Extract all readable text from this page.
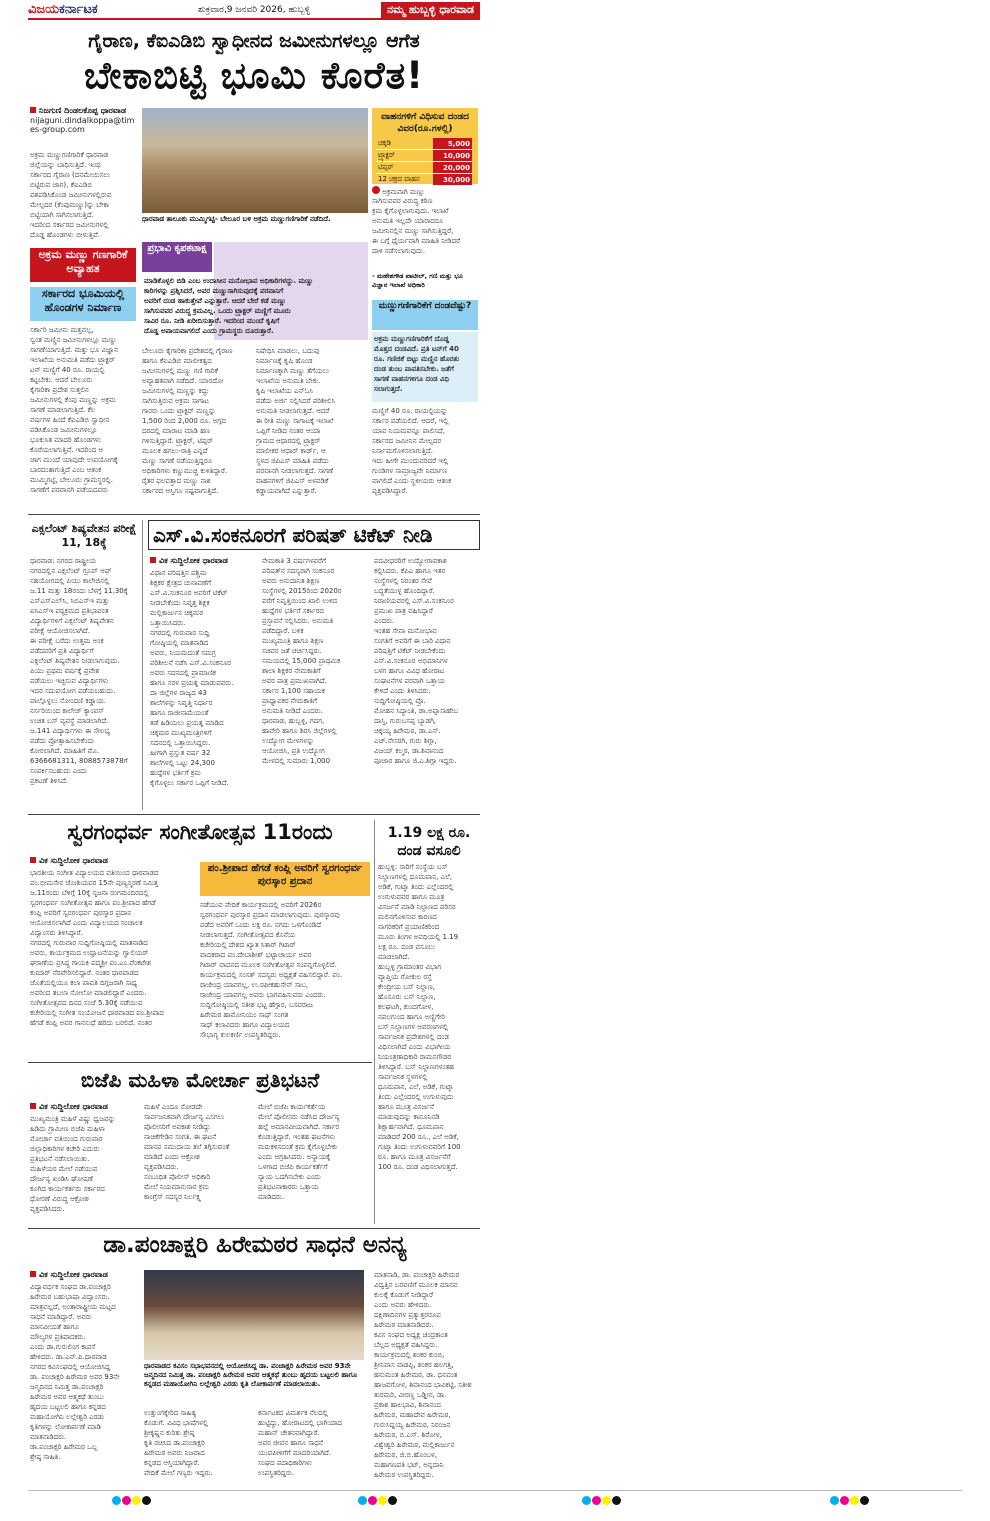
ವಿಜಯಕರ್ನಾಟಕ	ಶುಕ್ರವಾರ,9 ಜನವರಿ 2026, ಹುಬ್ಬಳ್ಳಿ	ನಮ್ಮ ಹುಬ್ಬಳ್ಳಿ ಧಾರವಾಡ
ಗೈರಾಣ, ಕೆಐಎಡಿಬಿ ಸ್ವಾಧೀನದ ಜಮೀನುಗಳಲ್ಲೂ ಆಗೆತ
ಬೇಕಾಬಿಟ್ಟಿ ಭೂಮಿ ಕೊರೆತ!
ನಿಜಗುಣಿ ದಿಂಡಲಕೊಪ್ಪ ಧಾರವಾಡ
nijaguni.dindalkoppa@times-group.com
ಅಕ್ರಮ ಮಣ್ಣುಗಣಿಗಾರಿಕೆ ಧಾರವಾಡ
ಜಿಲ್ಲೆಯನ್ನು ಬಾಧಿಸುತ್ತಿದೆ. ಇಂಥ
ಸರ್ಕಾರದ ಗೈರಾಣ (ದನಮೇಯಿಸಲು
ಬಿಟ್ಟಿರುವ ಜಾಗ), ಕೆಐಎಡಿಬಿ
ವಶಪಡಿಸಿಕೊಂಡ ಜಮೀನುಗಳಲ್ಲಿರುವ
ಮೇಲ್ಪದರ (ಕೆಂಪುಮಣ್ಣು)ನ್ನು ಬೇಕಾ
ಬಿಟ್ಟಿಯಾಗಿ ಸಾಗಿಸಲಾಗುತ್ತಿದೆ.
ಇದರಿಂದ ಸರ್ಕಾರದ ಜಮೀನುಗಳಲ್ಲಿ
ದೊಡ್ಡ ಹೊಂಡಗಳು ಬೀಳುತ್ತಿವೆ.
ಅಕ್ರಮ ಮಣ್ಣು ಗಣಗಾರಿಕೆ ಅವ್ಯಾಹತ
ಸರ್ಕಾರದ ಭೂಮಿಯಲ್ಲಿ ಹೊಂಡಗಳ ನಿರ್ಮಾಣ
ಸರ್ಕಾರಿ ಜಮೀನು ಮತ್ತವಲ್ಲ,
ಸ್ವಂತ ಮಣ್ಣಿನ ಜಮೀನುಗಳಲ್ಲೂ ಮಣ್ಣು
ಸಾಗಣೆಯಾಗುತ್ತಿದೆ. ಮತ್ತು ಭೂ ವಿಜ್ಞಾನ
ಇಲಾಖೆಯ ಅನುಮತಿ ಪಡೆದು ಟ್ರ್ಯಾಕ್ಟರ್
ಟನ್ ಮಣ್ಣಿಗೆ 40 ರೂ. ರಾಯಲ್ಟಿ
ಕಟ್ಟಬೇಕು. ಆದರೆ ಬೇಲೂರು
ಕೈಗಾರಿಕಾ ಪ್ರದೇಶ ಸುತ್ತಲಿನ
ಜಮೀನುಗಳಲ್ಲಿ ಕೆಂಪು ಮಣ್ಣನ್ನು ಅಕ್ರಮ
ಸಾಗಣೆ ಮಾಡಲಾಗುತ್ತಿದೆ. ಕೆಲ
ವರ್ಷಗಳ ಹಿಂದೆ ಕೆಐಎಡಿಬಿ ಸ್ವಾಧೀನ
ಪಡಿಸಿಕೊಂಡ ಜಮೀನುಗಳಲ್ಲೂ
ಭೂಕುಸಿತ ಮಾದರಿ ಹೊಂಡಗಳು
ಕೊರೆಯಲಾಗುತ್ತಿವೆ. ಇದರಿಂದ ಆ
ಜಾಗ ಮುಂದೆ ಯಾವುದೇ ಉಪಯೋಗಕ್ಕೆ
ಬಾರದಂತಾಗುತ್ತಿದೆ ಎಂಬ ಆತಂಕ
ಮುಮ್ಮಿಗಟ್ಟಿ, ಬೇಲೂರು ಗ್ರಾಮಸ್ಥರಲ್ಲಿ.
ಸಾಗಣೆಗೆ ಪರವಾನಗಿ ಪಡೆಯದವರು
ಧಾರವಾಡ ತಾಲೂಕು ಮುಮ್ಮಿಗಟ್ಟಿ- ಬೇಲೂರ ಬಳಿ ಅಕ್ರಮ ಮಣ್ಣುಗಣಿಗಾರಿಕೆ ನಡೆದಿದೆ.
ವಾಹನಗಳಿಗೆ ವಿಧಿಸುವ ದಂಡದ ವಿವರ(ರೂ.ಗಳಲ್ಲಿ)
ಚಕ್ಕಡಿ	5,000
ಟ್ರ್ಯಾಕ್ಟರ್	10,000
ಟಿಪ್ಪರ್	20,000
12 ಚಕ್ರದ ವಾಹನ	30,000
ಅಕ್ರಮವಾಗಿ ಮಣ್ಣು
ಸಾಗಿಸುವವರ ವಿರುದ್ಧ ಕಠಿಣ
ಕ್ರಮ ಕೈಗೊಳ್ಳಲಾಗುವುದು. ಇಲಾಖೆ
ಅನುಮತಿ ಇಲ್ಲದೇ ಯಾರಾದರೂ
ಜಮೀನಿನಲ್ಲಿನ ಮಣ್ಣು ಸಾಗಿಸುತ್ತಿದ್ದರೆ,
ಈ ಬಗ್ಗೆ ಧೈರ್ಯವಾಗಿ ಮಾಹಿತಿ ನೀಡಿದರೆ
ದಾಳಿ ನಡೆಸಲಾಗುವುದು.
- ಮಹೇಶಗೌಡ ಪಾಟೀಲ್, ಗಣಿ ಮತ್ತು ಭೂ ವಿಜ್ಞಾನ ಇಲಾಖೆ ಅಧಿಕಾರಿ
ಮಣ್ಣುಗಣಿಗಾರಿಕೆಗೆ ದಂಡವೆಷ್ಟು?
ಅಕ್ರಮ ಮಣ್ಣುಗಣಿಗಾರಿಕೆಗೆ ದೊಡ್ಡ
ಮೊತ್ತದ ದಂಡವಿದೆ. ಪ್ರತಿ ಟನ್‌ಗೆ 40
ರೂ. ಗಣಿಜಿಕೆ ಬಿಟ್ಟು ಮಣ್ಣಿನ ಹೊರತು
ದಂಡ ತುಂಬ ಪಾವತಿಸಬೇಕು. ಜತೆಗೆ
ಸಾಗಣೆ ವಾಹನಗಳಿಗೂ ದಂಡ ವಿಧಿ
ಸಲಾಗುತ್ತದೆ.
ಪ್ರಭಾವಿ ಕೃಪಕಟಾಕ್ಷ
ಮಾಡಿಕೊಳ್ಳಲಿ ಬಿಡಿ ಎಂಬ ಉದಾಸೀನ ಮನೋಭಾವ ಅಧಿಕಾರಿಗಳದ್ದು. ಮಣ್ಣು
ಕಾರಿಗಳನ್ನು ಪ್ರಶ್ನಿಸಿದರೆ, ಅವರ ಮಣ್ಣುಸಾಗಿಸುವುದಕ್ಕೆ ಪರವಾನಿಗೆ
ಅವರಿಗೆ ದಂಡ ಹಾಕುತ್ತೇವೆ ಎನ್ನುತ್ತಾರೆ. ಆದರೆ ಬೇರೆ ಕಡೆ ಮಣ್ಣು
ಸಾಗಿಸುವವರ ವಿರುದ್ಧ ಕ್ರಮವಿಲ್ಲ. ಒಂದು ಟ್ರ್ಯಾಕ್ಟರ್ ಮಣ್ಣಿಗೆ ಮೂರು
ಸಾವಿರ ರೂ. ನೀಡಿ ಖರೀದಿಸುತ್ತಾರೆ. ಇದರಿಂದ ಮುಂದೆ ಕೃಷಿಗೆ
ದೊಡ್ಡ ಅಪಾಯವಾಗಲಿದೆ ಎಂದು ಗ್ರಾಮಸ್ಥರು ದೂರುತ್ತಾರೆ.
ಬೇಲೂರು ಕೈಗಾರಿಕಾ ಪ್ರದೇಶದಲ್ಲಿ ಗೈರಾಣ
ಹಾಗೂ ಕೆಐಎಡಿಬಿ ಮಾಲೀಕತ್ವದ
ಜಮೀನುಗಳಲ್ಲಿ ಮಣ್ಣು ಗಣಿ ಗಾರಿಕೆ
ಅವ್ಯಾಹತವಾಗಿ ನಡೆದಿದೆ. ಯಾರದೋ
ಜಮೀನುಗಳಲ್ಲಿ ಮಣ್ಣನ್ನು ಕದ್ದು
ಸಾಗಿಸುತ್ತಿರುವ ಅಕ್ರಮ ಸಾಗಾಟ
ಗಾರರು ಒಂದು ಟ್ರ್ಯಾಕ್ಟರ್ ಮಣ್ಣನ್ನು
1,500 ರಿಂದ 2,000 ರೂ. ಅಗ್ಗದ
ದರದಲ್ಲಿ ಮಾರಾಟ ಮಾಡಿ ಹಣ
ಗಳಿಸುತ್ತಿದ್ದಾರೆ. ಟ್ರ್ಯಾಕ್ಟರ್, ಟಿಪ್ಪರ್
ಮೂಲಕ ಹಗಲು-ರಾತ್ರಿ ಎನ್ನದೆ
ಮಣ್ಣು ಸಾಗಣೆ ನಡೆಯುತ್ತಿದ್ದರೂ
ಅಧಿಕಾರಿಗಳು ಕಣ್ಣುಮುಚ್ಚಿ ಕುಳಿತಿದ್ದಾರೆ.
ರೈತರ ಫಲವತ್ತಾದ ಮಣ್ಣು ನಾಶ
ಸರ್ಕಾರದ ಆಸ್ತಿಗೂ ನಷ್ಟವಾಗುತ್ತಿದೆ.
ನಿಷೇಧಿಸಿ ಮಾಡಲು, ಬದುವು
ನಿರ್ಮಾಣಕ್ಕೆ ಕೃಷಿ ಹೊಂಡ
ನಿರ್ಮಾಣಕ್ಕಾಗಿ ಮಣ್ಣು ತೆಗೆಯಲು
ಇಲಾಖೆಯ ಅನುಮತಿ ಬೇಕು.
ಕೃಷಿ ಇಲಾಖೆಯ ಎನ್‌ಓಸಿ
ಪಡೆದು ಅರ್ಜಿ ಸಲ್ಲಿಸಿದರೆ ಪರಿಶೀಲಿಸಿ
ಅನುಮತಿ ನೀಡಲಾಗುತ್ತದೆ. ಆದರೆ
ಈ ರೀತಿ ಮಣ್ಣು ಸಾಗಾಟಕ್ಕೆ ಇಲಾಖೆ
ಒಪ್ಪಿಗೆ ನೀಡಿದ ನಂತರ ಆಯಾ
ಗ್ರಾಮದ ಆಧಾರದಲ್ಲಿ ಟ್ರ್ಯಾಕ್ಟರ್
ಮಾಲೀಕರ ಆಧಾರ್ ಕಾರ್ಡ್, ಆ
ಸ್ಥಳದ ಜಿಪಿಎಸ್ ಮಾಹಿತಿ ಪಡೆದು
ಪರವಾನಗಿ ನೀಡಲಾಗುತ್ತದೆ. ಸಾಗಣೆ
ವಾಹನಗಳಿಗೆ ಜಿಪಿಎಸ್ ಅಳವಡಿಕೆ
ಕಡ್ಡಾಯವಾಗಿದೆ ಎನ್ನುತ್ತಾರೆ.
ಮಣ್ಣಿಗೆ 40 ರೂ. ರಾಯಲ್ಟಿಯನ್ನು
ಸರ್ಕಾರ ಪಡೆಯಲಿದೆ. ಆದರೆ, ಇಲ್ಲಿ
ಯಾವ ನಿಯಮವನ್ನೂ ಪಾಲಿಸದೆ,
ಸರ್ಕಾರದ ಜಮೀನಿನ ಮೇಲ್ಪದರ
ನಿರ್ನಾಮಗೊಳಿಸಲಾಗುತ್ತಿದೆ.
ಇದು ಹೀಗೇ ಮುಂದುವರಿದರೆ ಇಲ್ಲಿ
ಗುಂಡಿಗಳ ಸಾಮ್ರಾಜ್ಯವೇ ನಿರ್ಮಾಣ
ವಾಗಲಿದೆ ಎಂದು ಸ್ಥಳೀಯರು ಆತಂಕ
ವ್ಯಕ್ತಪಡಿಸಿದ್ದಾರೆ.
ಎಕ್ಸಲೆಂಟ್ ಶಿಷ್ಯವೇತನ ಪರೀಕ್ಷೆ 11, 18ಕ್ಕೆ
ಧಾರವಾಡ: ನಗರದ ರಾಷ್ಟ್ರೀಯ
ನಗರದಲ್ಲಿನ ಎಕ್ಸಲೆಂಟ್ ಗ್ರೂಪ್ ಆಫ್
ಸಹಯೋಗದಲ್ಲಿ ಪಿಯು ಕಾಲೇಜಿನಲ್ಲಿ
ಜ.11 ಮತ್ತು 18ರಂದು ಬೆಳಗ್ಗೆ 11.30ಕ್ಕೆ
ಎಸ್‌ಎಸ್‌ಎಲ್‌ಸಿ, ಸಿಬಿಎಸ್‌ಇ ಮತ್ತು
ಐಸಿಎಸ್‌ಇ ಪಠ್ಯಕ್ರಮದ ಪ್ರತಿಭಾವಂತ
ವಿದ್ಯಾರ್ಥಿಗಳಿಗೆ ಎಕ್ಸಲೆಂಟ್ ಶಿಷ್ಯವೇತನ
ಪರೀಕ್ಷೆ ಆಯೋಜಿಸಲಾಗಿದೆ.
ಈ ಪರೀಕ್ಷೆ ಬರೆದು ಉತ್ತಮ ಅಂಕ
ಪಡೆದವರಿಗೆ ಪ್ರತಿ ವಿದ್ಯಾರ್ಥಿಗೆ
ಎಕ್ಸಲೆಂಟ್ ಶಿಷ್ಯವೇತನ ನೀಡಲಾಗುವುದು.
ಪಿಯು ಪ್ರಥಮ ವರ್ಷಕ್ಕೆ ಪ್ರವೇಶ
ಪಡೆಯಲು ಇಚ್ಛಿಸುವ ವಿದ್ಯಾರ್ಥಿಗಳು
ಇದರ ಸದುಪಯೋಗ ಪಡೆಯಬಹುದು.
ಪಾಲ್ಗೊಳ್ಳಲು ನೋಂದಣಿ ಕಡ್ಡಾಯ.
ನರ್ಸರಿಯಿಂದ ಕಾಲೇಜ್ ಕ್ಯಾಂಪಸ್
ಉಚಿತ ಬಸ್ ವ್ಯವಸ್ಥೆ ಮಾಡಲಾಗಿದೆ.
ಜ.141 ವಿದ್ಯಾರ್ಥಿಗಳು ಈ ಸೌಲಭ್ಯ
ಪಡೆದು ಪ್ರೋತ್ಸಾಹಿಸಬೇಕೆಂದು
ಕೋರಲಾಗಿದೆ. ಮಾಹಿತಿಗೆ ಮೊ.
6366681311, 8088573878ಗೆ
ಸಂಪರ್ಕಿಸಬಹುದು ಎಂದು
ಪ್ರಕಟಣೆ ತಿಳಿಸಿದೆ.
ಎಸ್.ವಿ.ಸಂಕನೂರಗೆ ಪರಿಷತ್ ಟಿಕೆಟ್ ನೀಡಿ
ವಿಕ ಸುದ್ದಿಲೋಕ ಧಾರವಾಡ
ವಿಧಾನ ಪರಿಷತ್ತಿನ ಪಶ್ಚಿಮ
ಶಿಕ್ಷಕರ ಕ್ಷೇತ್ರದ ಚುನಾವಣೆಗೆ
ಎಸ್.ವಿ.ಸಂಕನೂರ ಅವರಿಗೆ ಟಿಕೆಟ್
ನೀಡಬೇಕೆಂದು ನಿವೃತ್ತ ಶಿಕ್ಷಕ
ಮಲ್ಲಿಕಾರ್ಜುನ ಚಿಕ್ಕಮಠ
ಒತ್ತಾಯಿಸಿದರು.
ನಗರದಲ್ಲಿ ಗುರುವಾರ ಸುದ್ದಿ
ಗೋಷ್ಠಿಯಲ್ಲಿ ಮಾತನಾಡಿದ
ಅವರು, ನಿಯಮದಂತೆ ಸಮಗ್ರ
ಪರಿಶೀಲನೆ ನಡೆಸಿ ಎಸ್.ವಿ.ಸಂಕನೂರ
ಅವರು ಸದನದಲ್ಲಿ ಪ್ರಾಮಾಣಿಕ
ಹಾಗೂ ಸರಳ ಪ್ರಯತ್ನ ಮಾಡುವವರು.
ದಾ ಜಿಲ್ಲೆಗಳ ರಾಜ್ಯದ 43
ಶಾಲೆಗಳನ್ನು ನಿವೃತ್ತಿ ನಿರ್ಧಾರ
ಹಾಗೂ ರಾಜೀನಾಮೆಯಂತೆ
ತಡೆ ಹಿಡಿಯಲು ಪ್ರಯತ್ನ ಮಾಡಿದ
ಚಿಕ್ಕಮಠ ಮುಖ್ಯಮಂತ್ರಿಗಳಿಗೆ
ಸದನದಲ್ಲಿ ಒತ್ತಾಯಿಸಿದ್ದರು.
ಹೀಗಾಗಿ ಪ್ರಸ್ತುತ ವರ್ಷ 32
ಶಾಲೆಗಳಲ್ಲಿ ಒಟ್ಟು 24,300
ಹುದ್ದೆಗಳ ಭರ್ತಿಗೆ ಕ್ರಮ
ಕೈಗೊಳ್ಳಲು ಸರ್ಕಾರ ಒಪ್ಪಿಗೆ ನೀಡಿದೆ.
ನೇಮಕಾತಿ 3 ವರ್ಷಗಳವರೆಗೆ
ಪರಿಷತ್‌ನ ಸದಸ್ಯರಾಗಿ ಸಂಕನೂರ
ಅವರು ಅನುದಾನಿತ ಶಿಕ್ಷಣ
ಸಂಸ್ಥೆಗಳಲ್ಲಿ 2015ರಿಂದ 2020ರ
ವರೆಗೆ ನಿವೃತ್ತಿಯಿಂದ ಖಾಲಿ ಉಳಿದ
ಹುದ್ದೆಗಳ ಭರ್ತಿಗೆ ಸರ್ಕಾರದ
ಪ್ರಸ್ತಾವನೆ ಸಲ್ಲಿಸಿದರು. ಅನುಮತಿ
ಪಡೆದಿದ್ದಾರೆ. ಬಳಿಕ
ಮುಖ್ಯಮಂತ್ರಿ ಹಾಗೂ ಶಿಕ್ಷಣ
ಸಚಿವರ ಜತೆ ಚರ್ಚಿಸಿದ್ದರು.
ಸಮಯದಲ್ಲಿ 15,000 ಪ್ರಾಥಮಿಕ
ಶಾಲಾ ಶಿಕ್ಷಕರ ನೇಮಕಾತಿಗೆ
ಅವರ ಪಾತ್ರ ಪ್ರಮುಖವಾಗಿದೆ.
ಸರ್ಕಾರ 1,100 ಸಹಾಯಕ
ಪ್ರಾಧ್ಯಾಪಕರ ನೇಮಕಾತಿಗೆ
ಅನುಮತಿ ನೀಡಿದೆ ಎಂದರು.
ಧಾರವಾಡ, ಹುಬ್ಬಳ್ಳಿ, ಗದಗ,
ಹಾವೇರಿ ಹಾಗೂ ಶಿರಸಿ ಜಿಲ್ಲೆಗಳಲ್ಲಿ
ಉದ್ಯೋಗ ಮೇಳಗಳನ್ನು
ಆಯೋಜಿಸಿ, ಪ್ರತಿ ಉದ್ಯೋಗ
ಮೇಳದಲ್ಲಿ ಸುಮಾರು 1,000
ಪದವೀಧರರಿಗೆ ಉದ್ಯೋಗಾವಕಾಶ
ಕಲ್ಪಿಸಿದರು. ಕೆಪಿಎ ಹಾಗೂ ಇತರ
ಸಂಸ್ಥೆಗಳಲ್ಲಿ ನಿರಂತರ ಸೇವೆ
ಬದ್ಧತೆಯುಳ್ಳ ಹೊಂದಿದ್ದಾರೆ.
ನಿರಾಣಿಯವರಲ್ಲಿ ಎಸ್.ವಿ.ಸಂಕನೂರ
ಪ್ರಮುಖ ಪಾತ್ರ ವಹಿಸಿದ್ದಾರೆ
ಎಂದರು.
ಇಂತಹ ಸೇವಾ ಮನೋಭಾವ
ಸಂಗತಿಗೆ ಅವರಿಗೆ ಈ ಬಾರಿ ವಿಧಾನ
ಪರಿಷತ್ತಿಗೆ ಟಿಕೆಟ್ ನೀಡಬೇಕೆಂದು
ಎಸ್.ವಿ.ಸಂಕನೂರ ಅಭಿಮಾನಿಗಳ
ಬಳಗ ಹಾಗೂ ವಿವಿಧ ಹೋರಾಟ
ಸಂಘಟನೆಗಳ ಪರವಾಗಿ ಒತ್ತಾಯ
ಕೇಳಿದೆ ಎಂದು ತಿಳಿಸಿದರು.
ಸುದ್ದಿಗೋಷ್ಠಿಯಲ್ಲಿ ಪ್ರೊ.
ಮೋಹನ ಸಿದ್ಧಾಂತಿ, ಡಾ.ಅಪ್ಪಾಸಾಹೇಬ
ದಾಸ್ತಿ, ಗುರುಬಸಪ್ಪ ಬ್ಯಾಡಗಿ,
ಚಿಕ್ಕಯ್ಯ ಹಿರೇಮಠ, ಡಾ.ಎಸ್.
ಎಚ್.ನೇಸರಗಿ, ಗುರು ಶಿಗ್ಗಾ,
ವಿಜಯ್ ಕಲ್ಮಠ, ಡಾ.ಶಿವಾನಂದ
ಪೂಜಾರ ಹಾಗೂ ಜಿ.ಎ.ಶಿಗ್ಗಾ ಇದ್ದರು.
ಸ್ವರಗಂಧರ್ವ ಸಂಗೀತೋತ್ಸವ 11ರಂದು
ವಿಕ ಸುದ್ದಿಲೋಕ ಧಾರವಾಡ
ಭಾರತೀಯ ಸಂಗೀತ ವಿದ್ಯಾಲಯದ ವತಿಯಿಂದ ಧಾರವಾಡದ
ಪಂ.ಭೀಮಸೇನ ಜೋಶಿಯವರ 15ನೇ ಪುಣ್ಯಸ್ಮರಣೆ ನಿಮಿತ್ತ
ಜ.11ರಂದು ಬೆಳಿಗ್ಗೆ 10ಕ್ಕೆ ಸೃಜನಾ ರಂಗಮಂದಿರದಲ್ಲಿ
ಸ್ವರಗಂಧರ್ವ ಸಂಗೀತೋತ್ಸವ ಹಾಗೂ ಪಂ.ಶ್ರೀಪಾದ ಹೆಗಡೆ
ಕಂಪ್ಲಿ ಅವರಿಗೆ ಸ್ವರಗಂಧರ್ವ ಪುರಸ್ಕಾರ ಪ್ರದಾನ
ಆಯೋಜಿಸಲಾಗಿದೆ ಎಂದು ವಿದ್ಯಾಲಯದ ಸಂಚಾಲಕ
ವಿದ್ವಾಂಸರು ತಿಳಿಸಿದ್ದಾರೆ.
ನಗರದಲ್ಲಿ ಗುರುವಾರ ಸುದ್ದಿಗೋಷ್ಠಿಯಲ್ಲಿ ಮಾತನಾಡಿದ
ಅವರು, ಕಾರ್ಯಕ್ರಮದ ಉದ್ಘಾಟನೆಯನ್ನು ಗ್ವಾಲಿಯರ್
ಘರಾಣೆಯ ಪ್ರಸಿದ್ಧ ಗಾಯಕಿ ಪದ್ಮಶ್ರೀ ಪಂ.ಎಂ.ವೆಂಕಟೇಶ
ಕುಮಾರ್ ನೆರವೇರಿಸಲಿದ್ದಾರೆ. ನಂತರ ಧಾರವಾಡದ
ಜೊತೆಯಲ್ಲಿಯೂ ಕಲಾ ಪಾವತಿ ದಿಗ್ಗಜರಾಗಿ ಸಾಧ್ಯ
ಅವರಿಂದ ತಬಲಾ ಸೋಲೋ ಮಾಡಲಿದ್ದಾರೆ ಎಂದರು.
ಸಂಗೀತೋತ್ಸವದ ದಿನದ ಸಂಜೆ 5.30ಕ್ಕೆ ನಡೆಯುವ
ಕಚೇರಿಯಲ್ಲಿ ಸಂಗೀತ ಸಂಯೋಜನೆ ಧಾರವಾಡದ ಪಂ.ಶ್ರೀಪಾದ
ಹೆಗಡೆ ಕಂಪ್ಲಿ ಅವರ ಗಾನಸುಧೆ ಹರಿದು ಬರಲಿದೆ. ನಂತರ
ಪಂ.ಶ್ರೀಪಾದ ಹೆಗಡೆ ಕಂಪ್ಲಿ ಅವರಿಗೆ ಸ್ವರಗಂಧರ್ವ ಪುರಸ್ಕಾರ ಪ್ರದಾನ
ನಡೆಯುವ ವೇದಿಕೆ ಕಾರ್ಯಕ್ರಮದಲ್ಲಿ ಅವರಿಗೆ 2026ರ
ಸ್ವರಗಂಧರ್ವ ಪುರಸ್ಕಾರ ಪ್ರದಾನ ಮಾಡಲಾಗುವುದು. ಪುರಸ್ಕಾರವು
ಪಡೆದ ಅವರಿಗೆ ಒಂದು ಲಕ್ಷ ರೂ. ನಗದು ಒಳಗೊಂಡಿದೆ
ನೀಡಲಾಗುತ್ತದೆ. ಸಂಗೀತೋತ್ಸವದ ಕೊನೆಯ
ಕಚೇರಿಯಲ್ಲಿ ದೇಶದ ಖ್ಯಾತ ಸಿತಾರ್ ಗಿಟಾರ್
ವಾದಕರಾದ ಪಂ.ದೇಬಾಶೀಶ್ ಭಟ್ಟಾಚಾರ್ಯ ಅವರ
ಗಿಟಾರ್ ವಾದನದ ಮೂಲಕ ಸಂಗೀತೋತ್ಸವ ಸಂಪನ್ನಗೊಳ್ಳಲಿದೆ.
ಕಾರ್ಯಕ್ರಮದಲ್ಲಿ ಸಂಸತ್ ಸದಸ್ಯರು ಅಧ್ಯಕ್ಷತೆ ವಹಿಸಲಿದ್ದಾರೆ. ಪಂ.
ರಾಜೇಂದ್ರ ಯಾವಗಲ್ಲ, ಉ.ರಫೀಕಹುಸೇನ್ ಸಾಬ,
ರಾಜೇಂದ್ರ ಯಾವಗಲ್ಲ ಅವರು ಭಾಗವಹಿಸುವರು ಎಂದರು.
ಸುದ್ದಿಗೋಷ್ಠಿಯಲ್ಲಿ ಸತೀಶ ಭಟ್ಟ ಹೆಗ್ಗಾರ, ಬಸವರಾಜ
ಹಿರೇಮಠ ಹಾಮೋನಿಯಂ ಸಾಥ್ ಸಂಗತ
ಸಾಥ್ ಕಲಾವಿದರು ಹಾಗೂ ವಿದ್ಯಾಲಯದ
ಸೌಭಾಗ್ಯ ಕುಲಕರ್ಣಿ ಉಪಸ್ಥಿತರಿದ್ದರು.
1.19 ಲಕ್ಷ ರೂ. ದಂಡ ವಸೂಲಿ
ಹುಬ್ಬಳ್ಳಿ: ಸಾರಿಗೆ ಸಂಸ್ಥೆಯ ಬಸ್
ನಿಲ್ದಾಣಗಳಲ್ಲಿ ಧೂಮಪಾನ, ಎಲೆ,
ಅಡಿಕೆ, ಗುಟ್ಕಾ ತಿಂದು ಎಲ್ಲೆಂದರಲ್ಲಿ
ಉಗುಳುವವರ ಹಾಗೂ ಮೂತ್ರ
ವಿಸರ್ಜನೆ ಮಾಡಿ ನಿಲ್ದಾಣದ ಪರಿಸರ
ಮಲಿನಗೊಳಿಸುವ ಕಾರಣದ
ನಾಗರಿಕರಿಗೆ ಪ್ರಯಾಣಿಕರಿಂದ
ಮೂರು ತಿಂಗಳ ಅವಧಿಯಲ್ಲಿ 1.19
ಲಕ್ಷ ರೂ. ದಂಡ ವಸೂಲು
ಮಾಡಲಾಗಿದೆ.
ಹುಬ್ಬಳ್ಳಿ ಗ್ರಾಮಾಂತರ ವಿಭಾಗ
ವ್ಯಾಪ್ತಿಯ ಗೋಕುಲ ರಸ್ತೆ
ಕೇಂದ್ರೀಯ ಬಸ್ ನಿಲ್ದಾಣ,
ಹೊಸೂರು ಬಸ್ ನಿಲ್ದಾಣ,
ಕಲಘಟಗಿ, ಕುಂದಗೋಳ,
ನವಲಗುಂದ ಹಾಗೂ ಅಣ್ಣಿಗೇರಿ
ಬಸ್ ನಿಲ್ದಾಣಗಳ ಆವರಣಗಳಲ್ಲಿ
ಸಾರ್ವಜನಿಕ ಪ್ರದೇಶಗಳಲ್ಲಿ ದಂಡ
ವಿಧಿಸಲಾಗಿದೆ ಎಂದು ವಿಭಾಗೀಯ
ನಿಯಂತ್ರಣಾಧಿಕಾರಿ ರಾಮನಗೌಡರ
ತಿಳಿಸಿದ್ದಾರೆ. ಬಸ್ ನಿಲ್ದಾಣಗಳಂತಹ
ಸಾರ್ವಜನಿಕ ಸ್ಥಳಗಳಲ್ಲಿ
ಧೂಮಪಾನ, ಎಲೆ, ಅಡಿಕೆ, ಗುಟ್ಕಾ
ತಿಂದು ಎಲ್ಲೆಂದರಲ್ಲಿ ಉಗುಳುವುದು
ಹಾಗೂ ಮೂತ್ರ ವಿಸರ್ಜನೆ
ಮಾಡುವುದನ್ನು ಕಾನೂನಿನಡಿ
ಶಿಕ್ಷಾರ್ಹವಾಗಿದೆ. ಧೂಮಪಾನ
ಮಾಡಿದರೆ 200 ರೂ., ಎಲೆ ಅಡಿಕೆ,
ಗುಟ್ಕಾ ತಿಂದು ಉಗುಳುವವರಿಗೆ 100
ರೂ. ಹಾಗೂ ಮೂತ್ರ ವಿಸರ್ಜನೆಗೆ
100 ರೂ. ದಂಡ ವಿಧಿಸಲಾಗುತ್ತದೆ.
ಬಿಜೆಪಿ ಮಹಿಳಾ ಮೋರ್ಚಾ ಪ್ರತಿಭಟನೆ
ವಿಕ ಸುದ್ದಿಲೋಕ ಧಾರವಾಡ
ಮುಖ್ಯಮಂತ್ರಿ ಮಹಿಳೆ ವಿಷ್ಣು ಧ್ವಜವನ್ನು
ಹಿಡಿದು ಗ್ರಾಮೀಣ ಬಿಜೆಪಿ ಮಹಿಳಾ
ಮೋರ್ಚಾ ವತಿಯಿಂದ ಗುರುವಾರ
ಜಿಲ್ಲಾಧಿಕಾರಿಗಳ ಕಚೇರಿ ಎದುರು
ಪ್ರತಿಭಟನೆ ನಡೆಸಲಾಯಿತು.
ಮಹಿಳೆಯರ ಮೇಲೆ ನಡೆಯುವ
ದೌರ್ಜನ್ಯ ಖಂಡಿಸಿ ಘೋಷಣೆ
ಕೂಗಿದ ಕಾರ್ಯಕರ್ತರು ಸರ್ಕಾರದ
ಧೋರಣೆ ವಿರುದ್ಧ ಆಕ್ರೋಶ
ವ್ಯಕ್ತಪಡಿಸಿದರು.
ಮಹಿಳೆ ಎಂದೂ ನೋಡದೇ
ಸಾರ್ವಜನಿಕವಾಗಿ ದೌರ್ಜನ್ಯ ಎಸಗಲು
ಪೊಲೀಸರಿಗೆ ಅವಕಾಶ ನೀಡಿದ್ದು
ನಾಚಿಕೆಗೇಡಿನ ಸಂಗತಿ. ಈ ಘಟನೆ
ಮಾನವ ಸಮುದಾಯ ತಲೆ ತಗ್ಗಿಸುವಂತೆ
ಮಾಡಿದೆ ಎಂದು ಆಕ್ರೋಶ
ವ್ಯಕ್ತಪಡಿಸಿದರು.
ಸಂಬಂಧಿತ ಪೊಲೀಸ್ ಅಧಿಕಾರಿ
ಮೇಲೆ ನಿಯಮಾನುಸಾರ ಕ್ರಮ
ಕಾಂಗ್ರೆಸ್ ಸದಸ್ಯರ ನಿರ್ಲಕ್ಷ್ಯ
ಮೇಲೆ ಬಿಜೆಪಿ ಕಾರ್ಯಕರ್ತೆಯ
ಮೇಲೆ ಪೊಲೀಸರು ನಡೆಸಿದ ದೌರ್ಜನ್ಯ
ಹಲ್ಲೆ ಅಮಾನವೀಯವಾಗಿದೆ. ಸರ್ಕಾರ
ಕೊಡುತ್ತಿದ್ದಾರೆ. ಇಂತಹ ಘಟನೆಗಳು
ಮರುಕಳಿಸದಂತೆ ಕ್ರಮ ಕೈಗೊಳ್ಳಬೇಕು
ಎಂದು ಆಗ್ರಹಿಸಿದರು. ಅನ್ಯಾಯಕ್ಕೆ
ಒಳಗಾದ ಬಿಜೆಪಿ ಕಾರ್ಯಕರ್ತೆಗೆ
ನ್ಯಾಯ ಒದಗಿಸಬೇಕು ಎಂದು
ಪ್ರತಿಭಟನಾಕಾರರು ಒತ್ತಾಯ
ಮಾಡಿದರು.
ಡಾ.ಪಂಚಾಕ್ಷರಿ ಹಿರೇಮಠರ ಸಾಧನೆ ಅನನ್ಯ
ವಿಕ ಸುದ್ದಿಲೋಕ ಧಾರವಾಡ
ವಿದ್ಯಾವರ್ಧಕ ಸಂಘದ ಡಾ.ಪಂಚಾಕ್ಷರಿ
ಹಿರೇಮಠ ಬಹುಭಾಷಾ ವಿದ್ವಾಂಸರು.
ಮಾತ್ರವಲ್ಲದೆ, ಅಂತಾರಾಷ್ಟ್ರೀಯ ಮಟ್ಟದ
ಸಾಧನೆ ಮಾಡಿದ್ದಾರೆ. ಅವರು
ಮಾನವೀಯತೆ ಹಾಗೂ
ಮೌಲ್ಯಗಳ ಪ್ರತಿಪಾದಕರು.
ಎಂದು ಡಾ.ಗುರುಲಿಂಗ ಕಾಪಸೆ
ಹೇಳಿದರು. ಡಾ.ಎನ್.ಪಿ.ಧಾರವಾಡ
ನಗರದ ಕವಿಸಂಘದಲ್ಲಿ ಆಯೋಜಿಸಿದ್ದ
ಡಾ. ಪಂಚಾಕ್ಷರಿ ಹಿರೇಮಠ ಅವರ 93ನೇ
ಜನ್ಮದಿನದ ನಿಮಿತ್ತ ಡಾ.ಪಂಚಾಕ್ಷರಿ
ಹಿರೇಮಠ ಅವರ ಆತ್ಮಕಥೆ ತುಂಬು
ಹೃದಯ ಬಟ್ಟಲಲಿ ಹಾಗೂ ಕನ್ನಡದ
ಮಹಾಯೋಗಿನಿ ಲಲ್ಲೇಶ್ವರಿ ಎರಡು
ಕೃತಿಗಳನ್ನು ಲೋಕಾರ್ಪಣೆ ಮಾಡಿ
ಮಾತನಾಡಿದರು.
ಡಾ.ಪಂಚಾಕ್ಷರಿ ಹಿರೇಮಠ ಒಬ್ಬ
ಶ್ರೇಷ್ಠ ಸಾಹಿತಿ.
ಧಾರವಾಡದ ಕವಿಸಂ ಸಭಾಭವನದಲ್ಲಿ ಆಯೋಜಿಸಿದ್ದ ಡಾ. ಪಂಚಾಕ್ಷರಿ ಹಿರೇಮಠ ಅವರ 93ನೇ ಜನ್ಮದಿನದ ನಿಮಿತ್ತ ಡಾ. ಪಂಚಾಕ್ಷರಿ ಹಿರೇಮಠ ಅವರ ಆತ್ಮಕಥೆ ತುಂಬು ಹೃದಯ ಬಟ್ಟಲಲಿ ಹಾಗೂ ಕನ್ನಡದ ಮಹಾಯೋಗಿನಿ ಲಲ್ಲೇಶ್ವರಿ ಎರಡು ಕೃತಿ ಲೋಕಾರ್ಪಣೆ ಮಾಡಲಾಯಿತು.
ಉತ್ತುಂಗಕ್ಕೇರಿದ ಸಾಹಿತ್ಯ
ಕೊಡುಗೆ. ವಿವಿಧ ಭಾಷೆಗಳಲ್ಲಿ
ಶ್ರೀಕೃಷ್ಣನ ಕುರಿತು ಶ್ರೇಷ್ಠ
ಕೃತಿ ರಚಿಸಿದ ಡಾ.ಪಂಚಾಕ್ಷರಿ
ಹಿರೇಮಠ ಅವರು ನಿಜವಾದ
ಕನ್ನಡದ ಆಸ್ತಿಯಾಗಿದ್ದಾರೆ.
ವೇದಿಕೆ ಮೇಲೆ ಗಣ್ಯರು ಇದ್ದರು.
ಕರ್ನಾಟಕದ ವಿಮರ್ಶಕ ನೆಲದಲ್ಲಿ
ಹುಟ್ಟಿದ್ದು, ಹೋರಾಟದಲ್ಲಿ ಭಾಗಿಯಾದ
ಮಹಾನ್ ಚೇತನವಾಗಿದ್ದಾರೆ.
ಅವರ ಜೀವನ ಹಾಗೂ ಸಾಧನೆ
ಯುವಪೀಳಿಗೆಗೆ ಮಾದರಿಯಾಗಿದೆ.
ಸಂಘದ ಪದಾಧಿಕಾರಿಗಳು
ಉಪಸ್ಥಿತರಿದ್ದರು.
ಮಾತನಾಡಿ, ಡಾ. ಪಂಚಾಕ್ಷರಿ ಹಿರೇಮಠ
ವಿದ್ವತ್ತಿನ ಬರವಣಿಗೆ ಮೂಲಕ ಮಾನವ
ಕುಲಕ್ಕೆ ಕೊಡುಗೆ ನೀಡಿದ್ದಾರೆ
ಎಂದು ಅವರು ಹೇಳಿದರು.
ದಕ್ಷಿಣಾದಿನಗಳ ಪ್ರತ್ಯುತ್ತರರೂಪ
ಹಿರೇಮಠ ಮಾತನಾಡಿದರು.
ಕವಿಸ ಸಂಘದ ಅಧ್ಯಕ್ಷ ಚಂದ್ರಕಾಂತ
ಬೆಲ್ಲದ ಅಧ್ಯಕ್ಷತೆ ವಹಿಸಿದ್ದರು.
ಕಾರ್ಯಕ್ರಮದಲ್ಲಿ ಶಂಕರ ಕುಂಬಿ,
ಶ್ರೀನಿವಾಸ ವಾಡಪ್ಪಿ, ಶಂಕರ ಹಲಗತ್ತಿ,
ಹನುಮಂತ ಹಿರೇಮಠ, ಡಾ. ಧನವಂತ
ಹಾಜವಗೋಳ, ಶಿವಾನಂದ ಭಾವಿಕಟ್ಟಿ, ಸತೀಶ
ತುರಮರಿ, ವೀರಣ್ಣ ಒಡ್ಡೀನ, ಡಾ.
ಪ್ರಕಾಶ ಹಾಲಭಾವಿ, ಶಿವಾನಂದ
ಹಿರೇಮಠ, ಮಹಾದೇವ ಹಿರೇಮಠ,
ಗುರುಸಿದ್ದಯ್ಯ ಹಿರೇಮಠ, ನಿರಂಜನ
ಹಿರೇಮಠ, ಬಿ.ಎಸ್. ಶಿರೋಳ,
ವಿಶ್ವೇಶ್ವರಿ ಹಿರೇಮಠ, ಮಲ್ಲಿಕಾರ್ಜುನ
ಹಿರೇಮಠ, ಜಿ.ಬಿ.ಹೊಂಬಳ,
ಮಹಾಗಣಪತಿ ಭಟ್, ಅನ್ನದಾನಿ
ಹಿರೇಮಠ ಉಪಸ್ಥಿತರಿದ್ದರು.
